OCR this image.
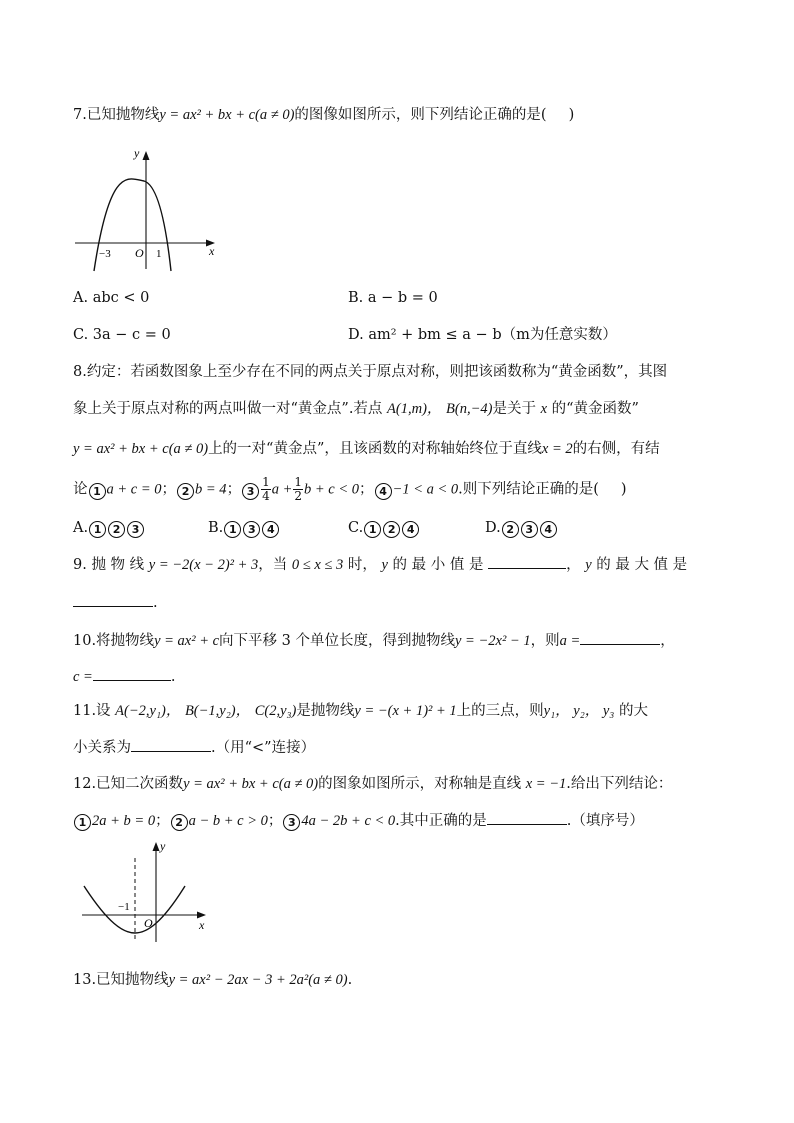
7.已知抛物线y = ax² + bx + c(a ≠ 0)的图像如图所示，则下列结论正确的是( )
y
x
O
−3	1
A. abc < 0	B. a − b = 0
C. 3a − c = 0	D. am² + bm ≤ a − b（m为任意实数）
8.约定：若函数图象上至少存在不同的两点关于原点对称，则把该函数称为“黄金函数”，其图
象上关于原点对称的两点叫做一对“黄金点”.若点 A(1,m)， B(n,−4)是关于 x 的“黄金函数”
y = ax² + bx + c(a ≠ 0)上的一对“黄金点”，且该函数的对称轴始终位于直线x = 2的右侧，有结
论 1 a + c = 0； 2 b = 4； $3 \frac{1}{4}$ $a + \frac{1}{2}$ b + c < 0； 4 −1 < a < 0.则下列结论正确的是( )
A. 1 2 3	B. 1 3 4	C. 1 2 4	D. 2 3 4
9. 抛 物 线 y = −2(x − 2)² + 3，当 0 ≤ x ≤ 3 时， y 的 最 小 值 是	， y 的 最 大 值 是
.
10.将抛物线y = ax² + c向下平移 3 个单位长度，得到抛物线y = −2x² − 1，则a =	，
c =	.
11.设 A(−2,y₁)， B(−1,y₂)， C(2,y₃)是抛物线y = −(x + 1)² + 1上的三点，则y₁， y₂， y₃ 的大
小关系为	.（用“<”连接）
12.已知二次函数y = ax² + bx + c(a ≠ 0)的图象如图所示，对称轴是直线 x = −1.给出下列结论：
1 2a + b = 0； 2 a − b + c > 0； 3 4a − 2b + c < 0.其中正确的是	.（填序号）
y
x
O
−1
13.已知抛物线y = ax² − 2ax − 3 + 2a²(a ≠ 0).
